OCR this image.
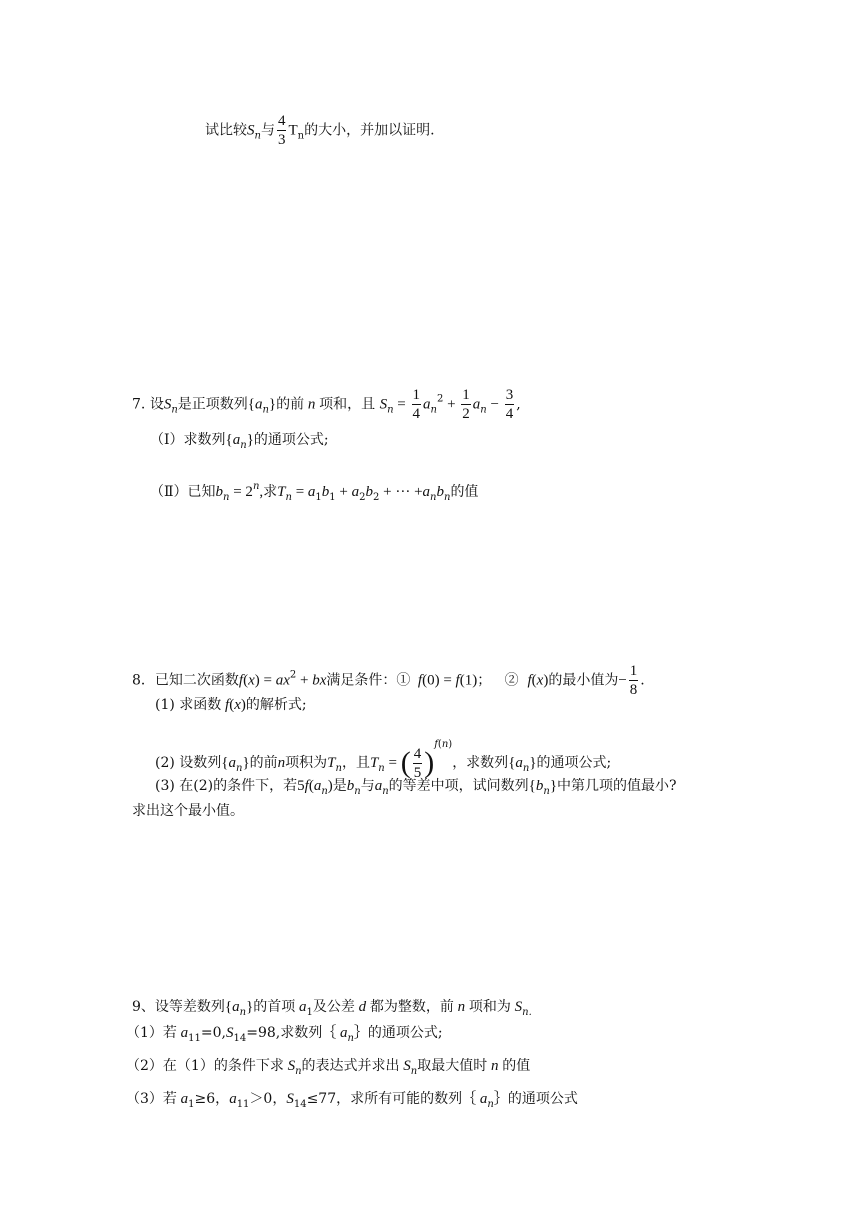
试比较$S_n$与 $\frac{4}{3} T_n$的大小，并加以证明.
7. 设$S_n$是正项数列$\{a_n\}$的前 n 项和，且 $S_n = \frac{1}{4} a_n^2 + \frac{1}{2} a_n - \frac{3}{4}$ ,
（Ⅰ）求数列$\{a_n\}$的通项公式;
（Ⅱ）已知$b_n = 2^n$,求$T_n = a_1b_1 + a_2b_2$ + ··· $+a_nb_n$的值
8．已知二次函数$f(x) = ax^2$ + bx满足条件：① f(0) = f(1)； ② f(x)的最小值为− $\frac{1}{8}$ .
(1) 求函数 f(x)的解析式;
(2) 设数列$\{a_n\}$的前n项积为$T_n$，且$T_n$ = ( $\frac{4}{5} )^{f(n)}$，求数列$\{a_n\}$的通项公式;
(3) 在(2)的条件下，若$5f(a_n)$是$b_n$与$a_n$的等差中项，试问数列$\{b_n\}$中第几项的值最小?
求出这个最小值。
9、设等差数列$\{a_n\}$的首项 $a_1$及公差 d 都为整数，前 n 项和为 $S_{n.}$
（1）若 $a_{11}=0,S_{14}=98$,求数列｛ $a_n\}$的通项公式;
（2）在（1）的条件下求 $S_n$的表达式并求出 $S_n$取最大值时 n 的值
（3）若 $a_1\ge 6$，$a_{11}>0$，$S_{14}\le 77$，求所有可能的数列｛ $a_n\}$的通项公式
